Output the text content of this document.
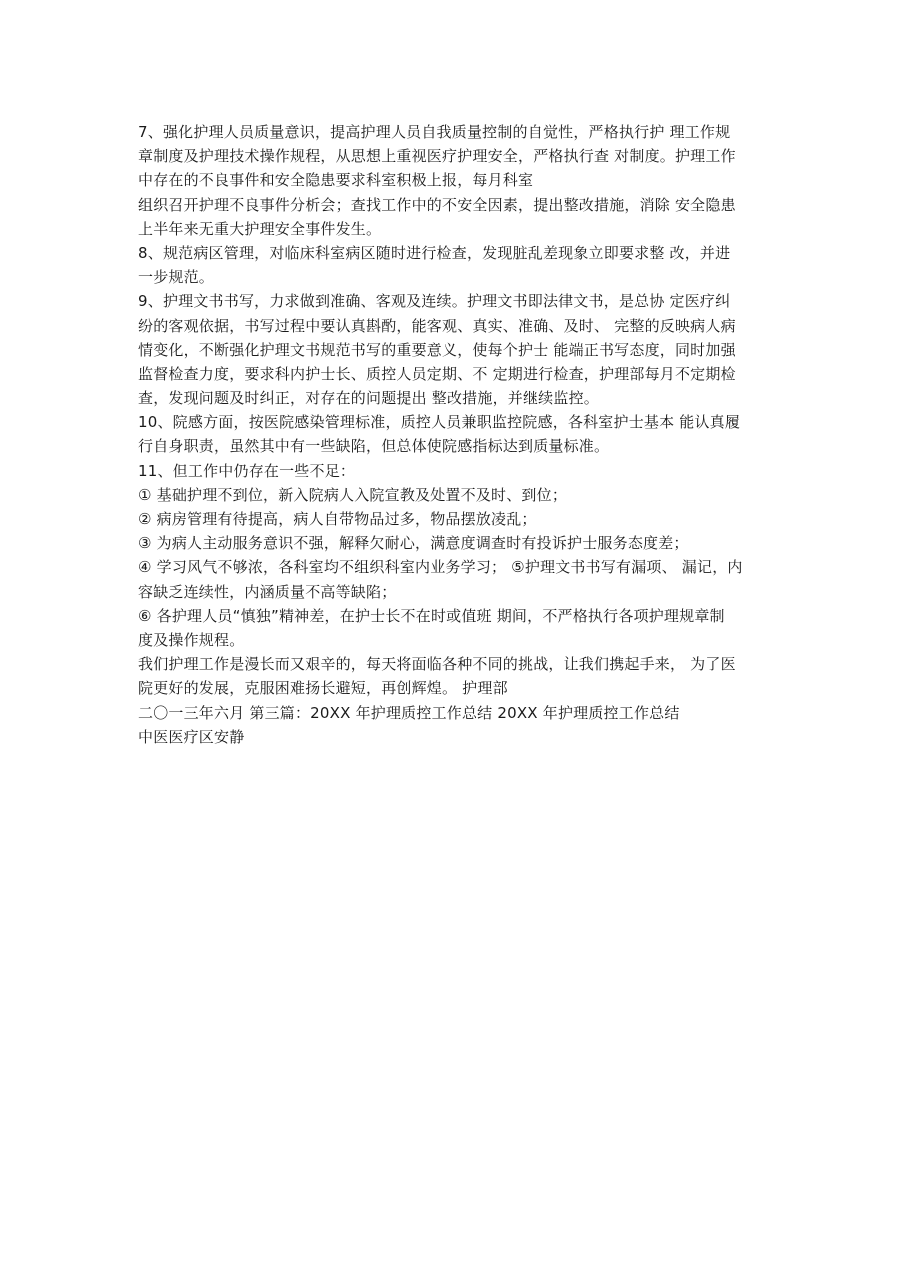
7、强化护理人员质量意识，提高护理人员自我质量控制的自觉性，严格执行护 理工作规
章制度及护理技术操作规程，从思想上重视医疗护理安全，严格执行查 对制度。护理工作
中存在的不良事件和安全隐患要求科室积极上报，每月科室
组织召开护理不良事件分析会；查找工作中的不安全因素，提出整改措施，消除 安全隐患
上半年来无重大护理安全事件发生。
8、规范病区管理，对临床科室病区随时进行检查，发现脏乱差现象立即要求整 改，并进
一步规范。
9、护理文书书写，力求做到准确、客观及连续。护理文书即法律文书，是总协 定医疗纠
纷的客观依据，书写过程中要认真斟酌，能客观、真实、准确、及时、 完整的反映病人病
情变化，不断强化护理文书规范书写的重要意义，使每个护士 能端正书写态度，同时加强
监督检查力度，要求科内护士长、质控人员定期、不 定期进行检查，护理部每月不定期检
查，发现问题及时纠正，对存在的问题提出 整改措施，并继续监控。
10、院感方面，按医院感染管理标准，质控人员兼职监控院感，各科室护士基本 能认真履
行自身职责，虽然其中有一些缺陷，但总体使院感指标达到质量标准。
11、但工作中仍存在一些不足：
① 基础护理不到位，新入院病人入院宣教及处置不及时、到位；
② 病房管理有待提高，病人自带物品过多，物品摆放凌乱；
③ 为病人主动服务意识不强，解释欠耐心，满意度调查时有投诉护士服务态度差；
④ 学习风气不够浓，各科室均不组织科室内业务学习； ⑤护理文书书写有漏项、 漏记，内
容缺乏连续性，内涵质量不高等缺陷；
⑥ 各护理人员“慎独”精神差，在护士长不在时或值班 期间，不严格执行各项护理规章制
度及操作规程。
我们护理工作是漫长而又艰辛的，每天将面临各种不同的挑战，让我们携起手来， 为了医
院更好的发展，克服困难扬长避短，再创辉煌。 护理部
二〇一三年六月 第三篇：20XX 年护理质控工作总结 20XX 年护理质控工作总结
中医医疗区安静
